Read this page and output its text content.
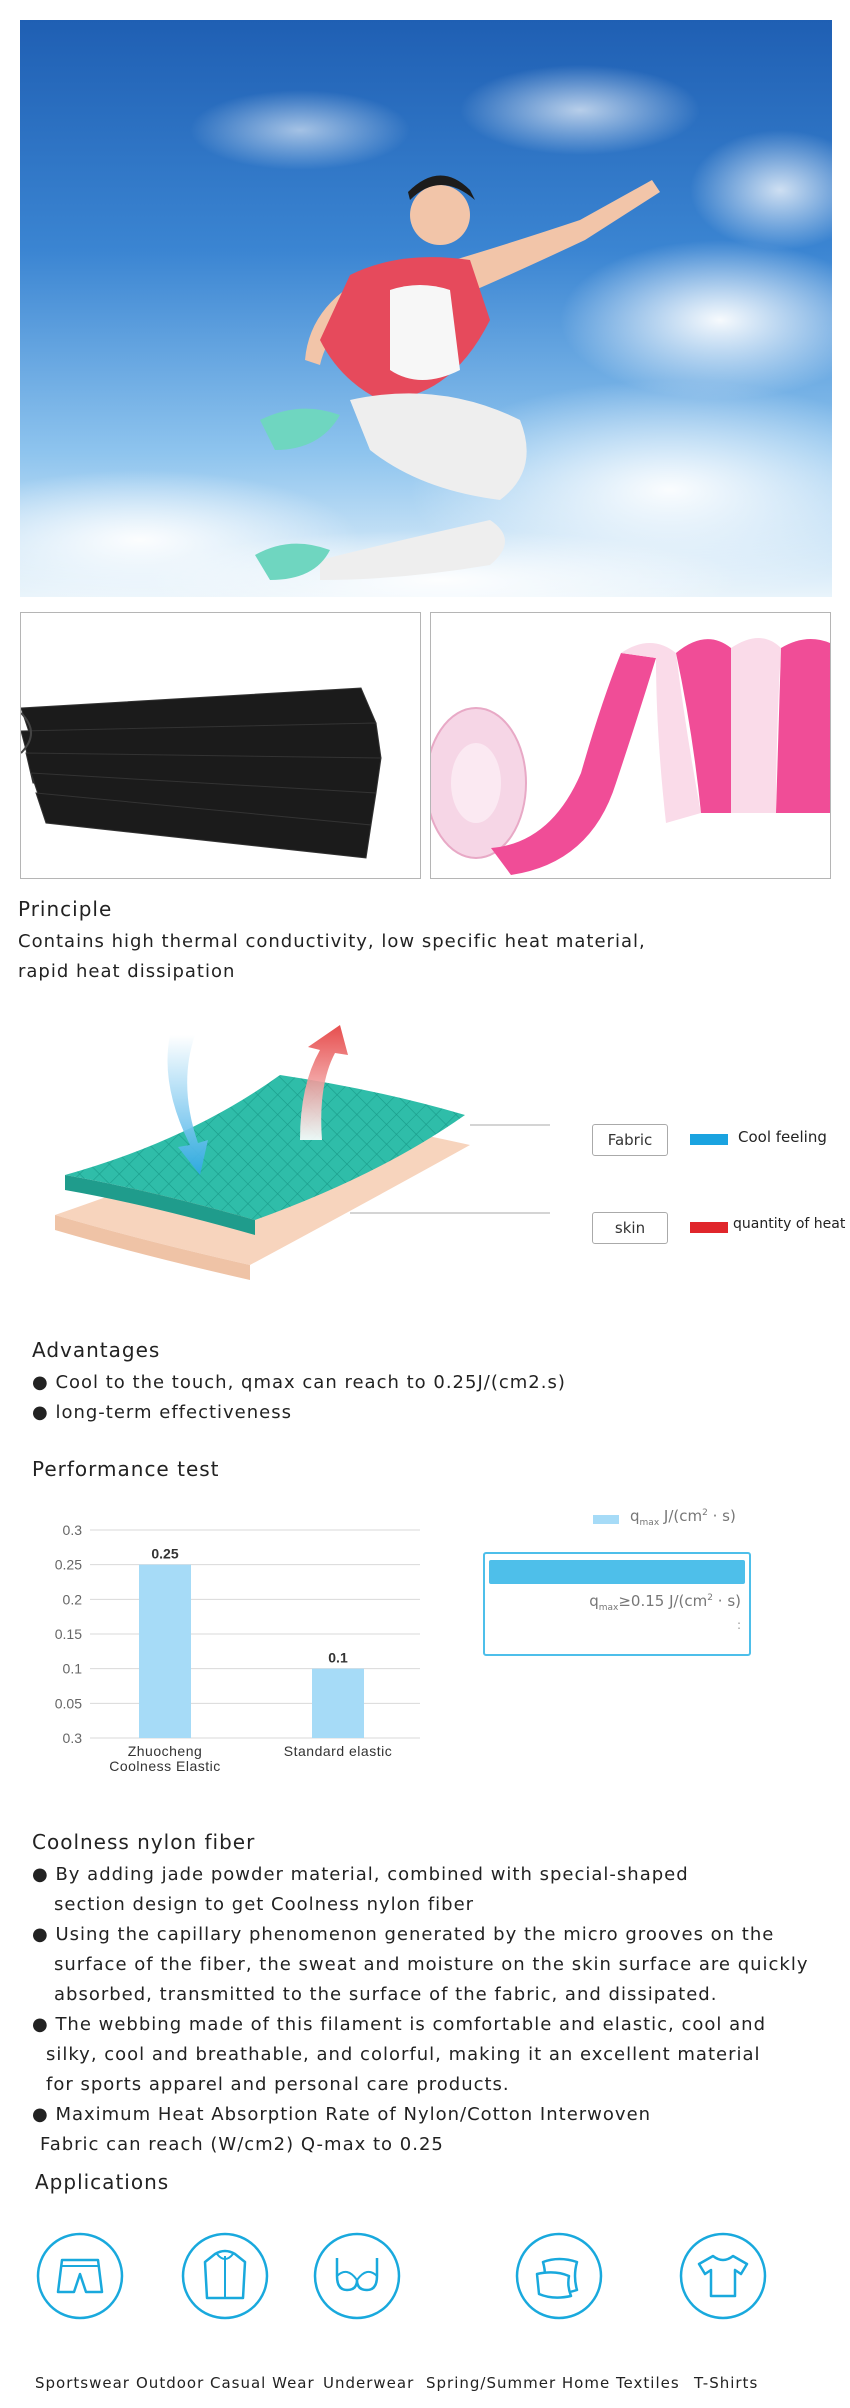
Principle
Contains high thermal conductivity, low specific heat material,
rapid heat dissipation
Fabric
skin
Cool feeling
quantity of heat
Advantages
● Cool to the touch, qmax can reach to 0.25J/(cm2.s)
● long-term effectiveness
Performance test
0.3
0.25
0.2
0.15
0.1
0.05
0.3
0.25
Zhuocheng
Coolness Elastic
0.1
Standard elastic
$q_{max}$ $J/(cm^2 \cdot s)$
$q_{max}\ge 0.15$ $J/(cm^2 \cdot s)$
:
Coolness nylon fiber
● By adding jade powder material, combined with special-shaped
section design to get Coolness nylon fiber
● Using the capillary phenomenon generated by the micro grooves on the
surface of the fiber, the sweat and moisture on the skin surface are quickly
absorbed, transmitted to the surface of the fabric, and dissipated.
● The webbing made of this filament is comfortable and elastic, cool and
silky, cool and breathable, and colorful, making it an excellent material
for sports apparel and personal care products.
● Maximum Heat Absorption Rate of Nylon/Cotton Interwoven
Fabric can reach (W/cm2) Q-max to 0.25
Applications
Sportswear Outdoor Casual Wear Underwear Spring/Summer Home Textiles T-Shirts
